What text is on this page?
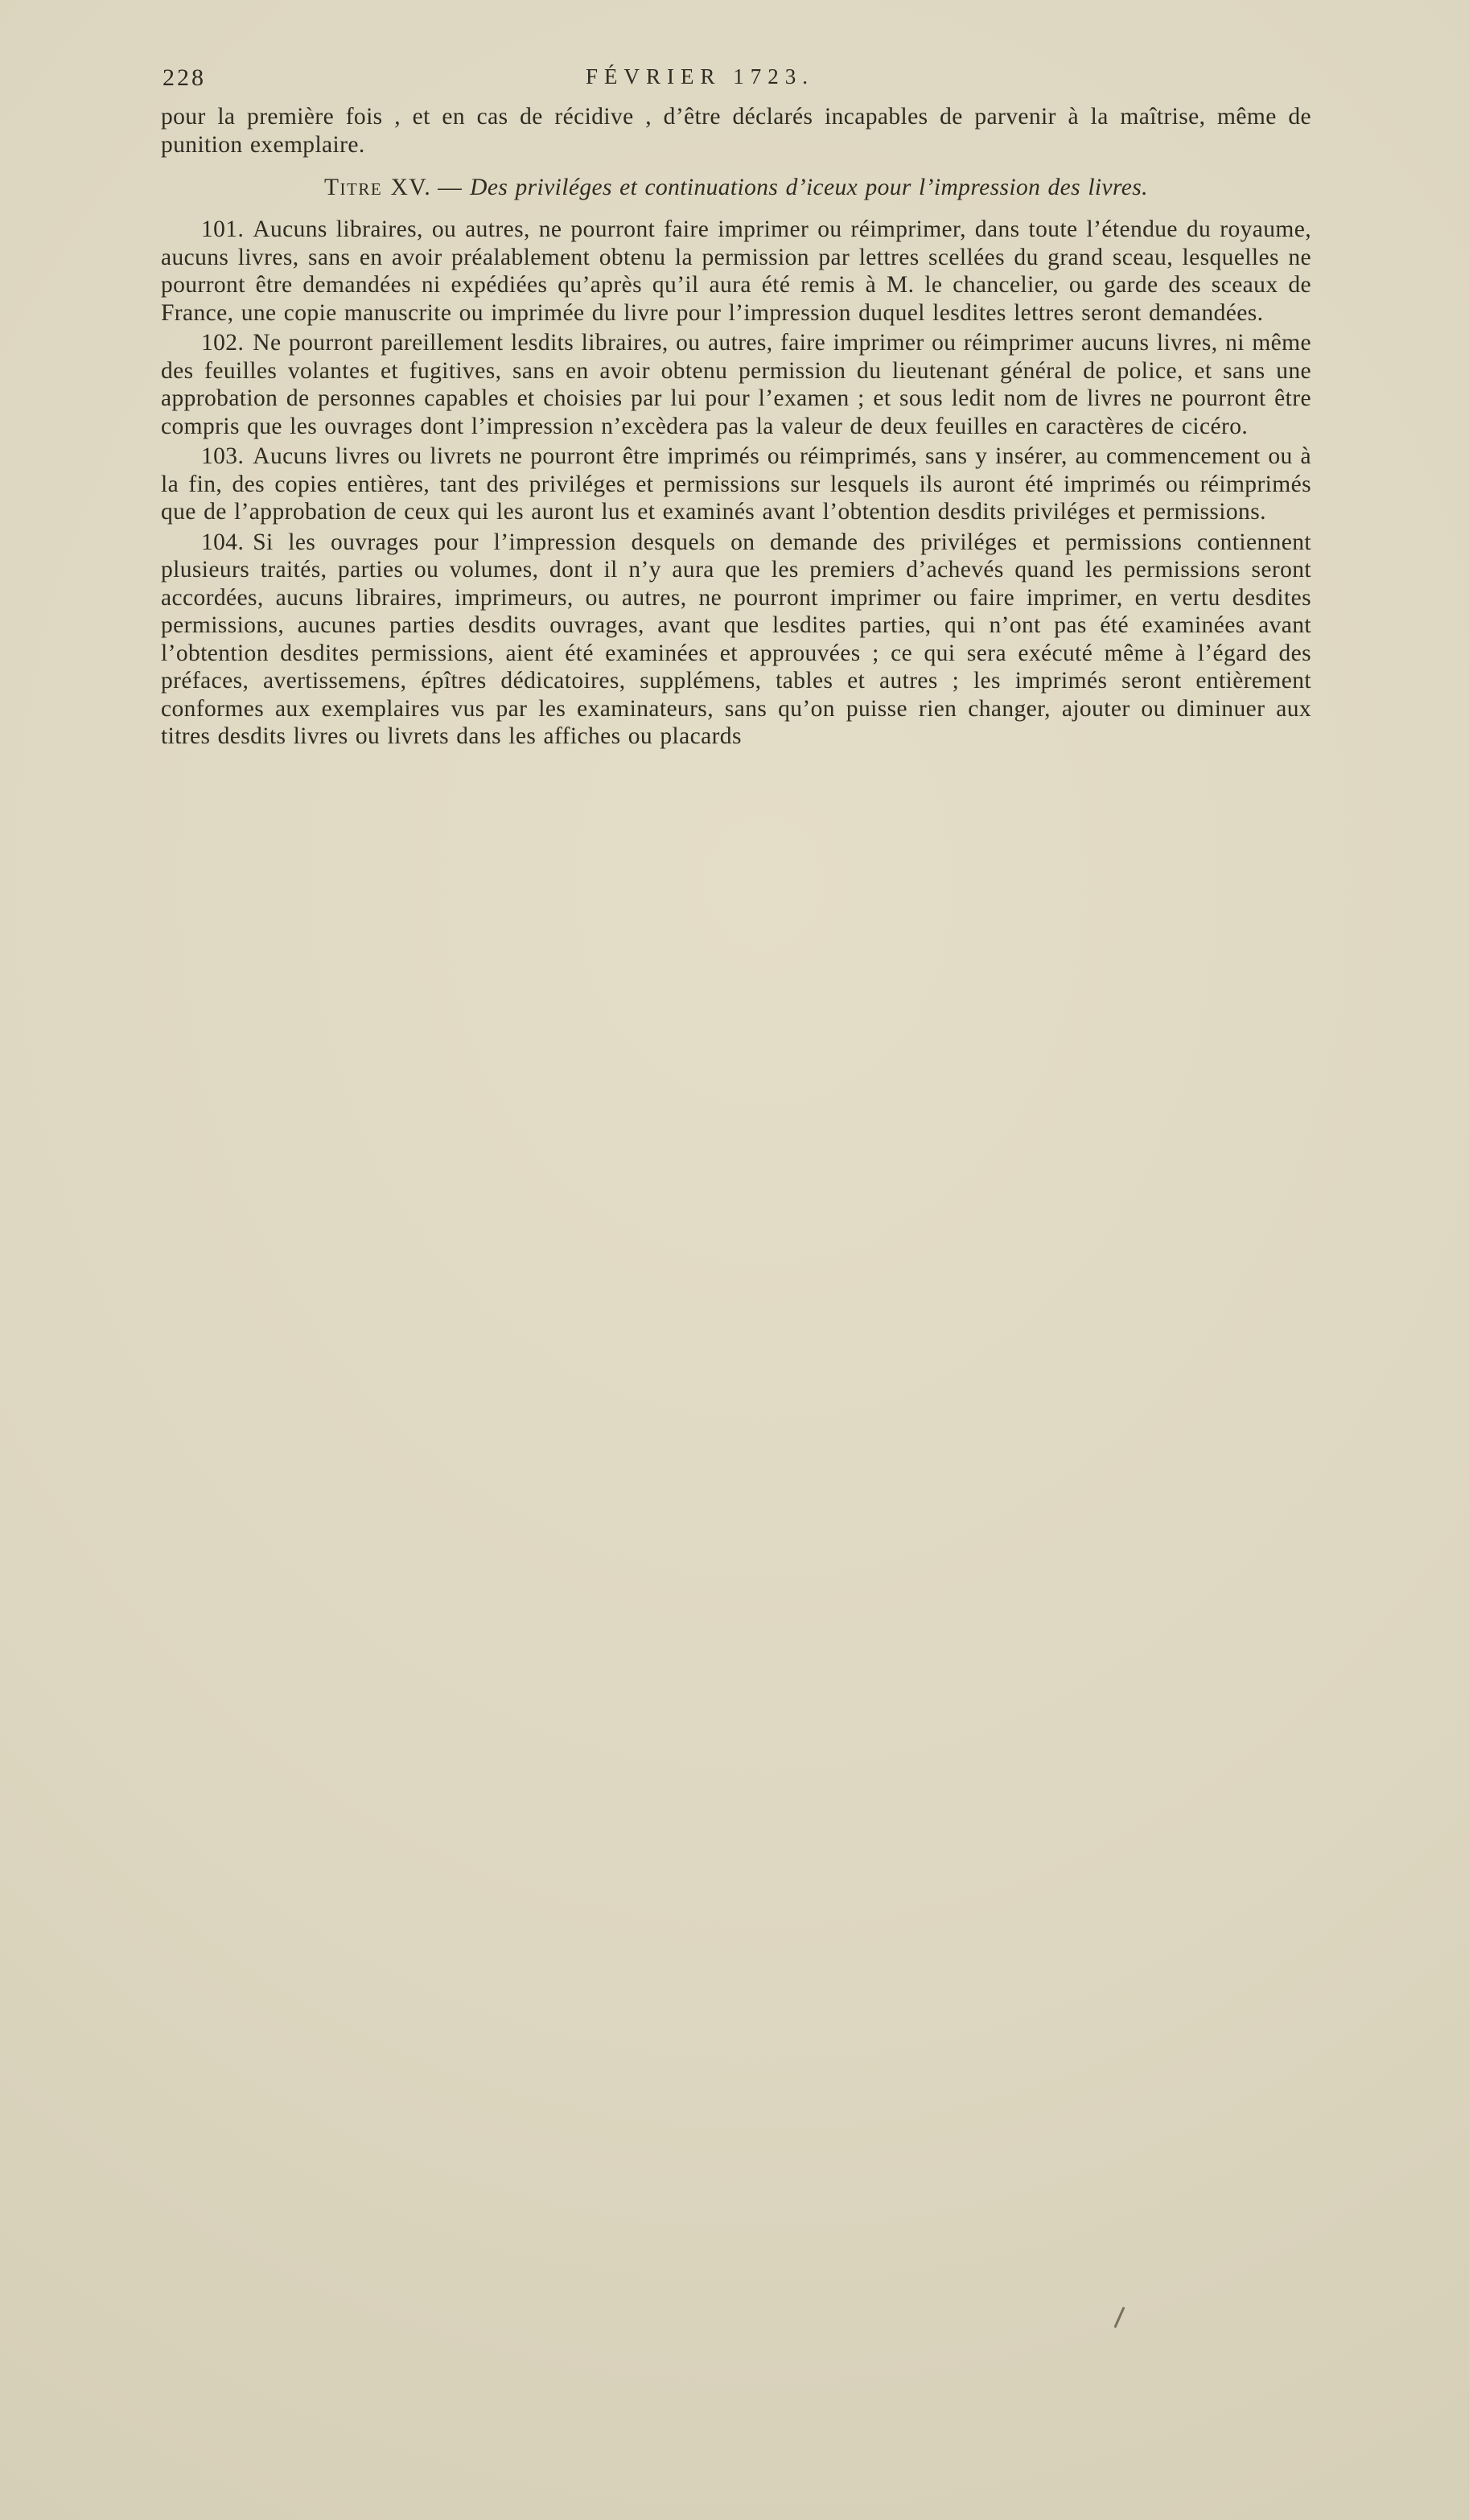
228	FÉVRIER 1723.

pour la première fois , et en cas de récidive , d’être déclarés incapables de parvenir à la maîtrise, même de punition exemplaire.

Titre XV. — Des priviléges et continuations d’iceux pour l’impression des livres.

101. Aucuns libraires, ou autres, ne pourront faire imprimer ou réimprimer, dans toute l’étendue du royaume, aucuns livres, sans en avoir préalablement obtenu la permission par lettres scellées du grand sceau, lesquelles ne pourront être demandées ni expédiées qu’après qu’il aura été remis à M. le chancelier, ou garde des sceaux de France, une copie manuscrite ou imprimée du livre pour l’impression duquel lesdites lettres seront demandées.

102. Ne pourront pareillement lesdits libraires, ou autres, faire imprimer ou réimprimer aucuns livres, ni même des feuilles volantes et fugitives, sans en avoir obtenu permission du lieutenant général de police, et sans une approbation de personnes capables et choisies par lui pour l’examen ; et sous ledit nom de livres ne pourront être compris que les ouvrages dont l’impression n’excèdera pas la valeur de deux feuilles en caractères de cicéro.

103. Aucuns livres ou livrets ne pourront être imprimés ou réimprimés, sans y insérer, au commencement ou à la fin, des copies entières, tant des priviléges et permissions sur lesquels ils auront été imprimés ou réimprimés que de l’approbation de ceux qui les auront lus et examinés avant l’obtention desdits priviléges et permissions.

104. Si les ouvrages pour l’impression desquels on demande des priviléges et permissions contiennent plusieurs traités, parties ou volumes, dont il n’y aura que les premiers d’achevés quand les permissions seront accordées, aucuns libraires, imprimeurs, ou autres, ne pourront imprimer ou faire imprimer, en vertu desdites permissions, aucunes parties desdits ouvrages, avant que lesdites parties, qui n’ont pas été examinées avant l’obtention desdites permissions, aient été examinées et approuvées ; ce qui sera exécuté même à l’égard des préfaces, avertissemens, épîtres dédicatoires, supplémens, tables et autres ; les imprimés seront entièrement conformes aux exemplaires vus par les examinateurs, sans qu’on puisse rien changer, ajouter ou diminuer aux titres desdits livres ou livrets dans les affiches ou placards
